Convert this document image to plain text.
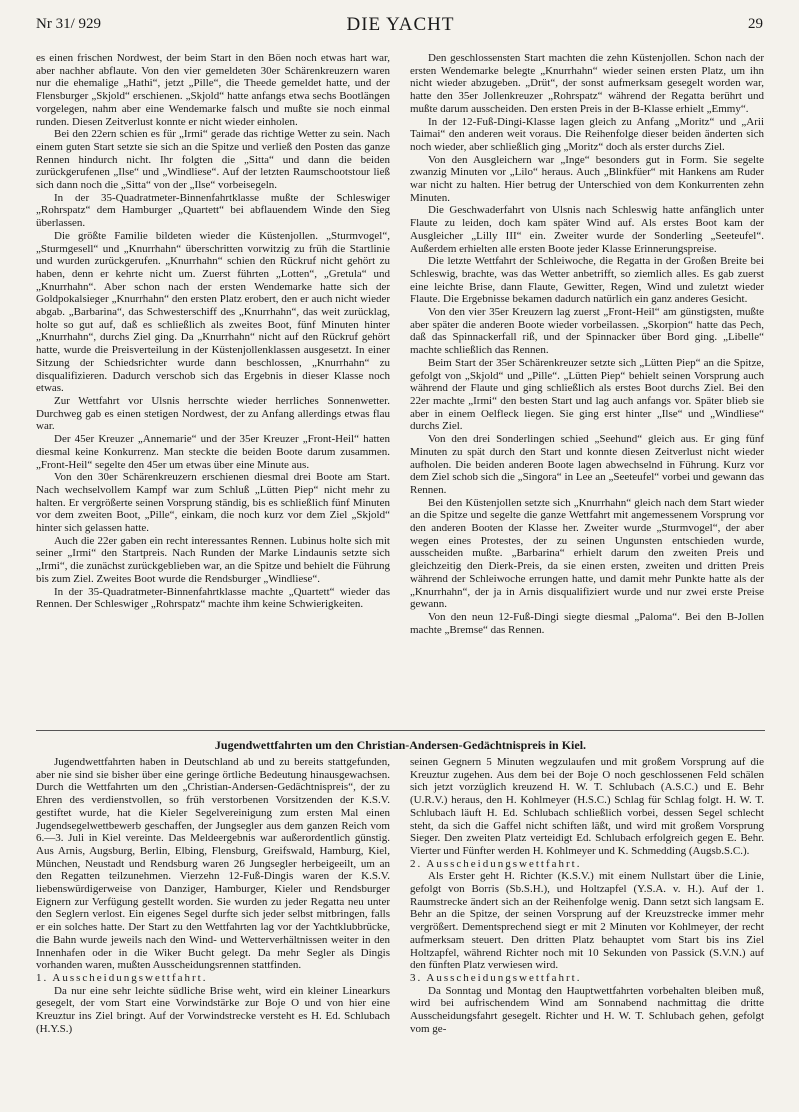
Nr 31/ 929	DIE YACHT	29

es einen frischen Nordwest, der beim Start in den Böen noch etwas hart war, aber nachher abflaute. Von den vier gemeldeten 30er Schärenkreuzern waren nur die ehemalige „Hathi“, jetzt „Pille“, die Theede gemeldet hatte, und der Flensburger „Skjold“ erschienen. „Skjold“ hatte anfangs etwa sechs Bootlängen vorgelegen, nahm aber eine Wendemarke falsch und mußte sie noch einmal runden. Diesen Zeitverlust konnte er nicht wieder einholen.

Bei den 22ern schien es für „Irmi“ gerade das richtige Wetter zu sein. Nach einem guten Start setzte sie sich an die Spitze und verließ den Posten das ganze Rennen hindurch nicht. Ihr folgten die „Sitta“ und dann die beiden zurückgerufenen „Ilse“ und „Windliese“. Auf der letzten Raumschootstour ließ sich dann noch die „Sitta“ von der „Ilse“ vorbeisegeln.

In der 35-Quadratmeter-Binnenfahrtklasse mußte der Schleswiger „Rohrspatz“ dem Hamburger „Quartett“ bei abflauendem Winde den Sieg überlassen.

Die größte Familie bildeten wieder die Küstenjollen. „Sturmvogel“, „Sturmgesell“ und „Knurrhahn“ überschritten vorwitzig zu früh die Startlinie und wurden zurückgerufen. „Knurrhahn“ schien den Rückruf nicht gehört zu haben, denn er kehrte nicht um. Zuerst führten „Lotten“, „Gretula“ und „Knurrhahn“. Aber schon nach der ersten Wendemarke hatte sich der Goldpokalsieger „Knurrhahn“ den ersten Platz erobert, den er auch nicht wieder abgab. „Barbarina“, das Schwesterschiff des „Knurrhahn“, das weit zurücklag, holte so gut auf, daß es schließlich als zweites Boot, fünf Minuten hinter „Knurrhahn“, durchs Ziel ging. Da „Knurrhahn“ nicht auf den Rückruf gehört hatte, wurde die Preisverteilung in der Küstenjollenklassen ausgesetzt. In einer Sitzung der Schiedsrichter wurde dann beschlossen, „Knurrhahn“ zu disqualifizieren. Dadurch verschob sich das Ergebnis in dieser Klasse noch etwas.

Zur Wettfahrt vor Ulsnis herrschte wieder herrliches Sonnenwetter. Durchweg gab es einen stetigen Nordwest, der zu Anfang allerdings etwas flau war.

Der 45er Kreuzer „Annemarie“ und der 35er Kreuzer „Front-Heil“ hatten diesmal keine Konkurrenz. Man steckte die beiden Boote darum zusammen. „Front-Heil“ segelte den 45er um etwas über eine Minute aus.

Von den 30er Schärenkreuzern erschienen diesmal drei Boote am Start. Nach wechselvollem Kampf war zum Schluß „Lütten Piep“ nicht mehr zu halten. Er vergrößerte seinen Vorsprung ständig, bis es schließlich fünf Minuten vor dem zweiten Boot, „Pille“, einkam, die noch kurz vor dem Ziel „Skjold“ hinter sich gelassen hatte.

Auch die 22er gaben ein recht interessantes Rennen. Lubinus holte sich mit seiner „Irmi“ den Startpreis. Nach Runden der Marke Lindaunis setzte sich „Irmi“, die zunächst zurückgeblieben war, an die Spitze und behielt die Führung bis zum Ziel. Zweites Boot wurde die Rendsburger „Windliese“.

In der 35-Quadratmeter-Binnenfahrtklasse machte „Quartett“ wieder das Rennen. Der Schleswiger „Rohrspatz“ machte ihm keine Schwierigkeiten.

Den geschlossensten Start machten die zehn Küstenjollen. Schon nach der ersten Wendemarke belegte „Knurrhahn“ wieder seinen ersten Platz, um ihn nicht wieder abzugeben. „Drüt“, der sonst aufmerksam gesegelt worden war, hatte den 35er Jollenkreuzer „Rohrspatz“ während der Regatta berührt und mußte darum ausscheiden. Den ersten Preis in der B-Klasse erhielt „Emmy“.

In der 12-Fuß-Dingi-Klasse lagen gleich zu Anfang „Moritz“ und „Arii Taimai“ den anderen weit voraus. Die Reihenfolge dieser beiden änderten sich noch wieder, aber schließlich ging „Moritz“ doch als erster durchs Ziel.

Von den Ausgleichern war „Inge“ besonders gut in Form. Sie segelte zwanzig Minuten vor „Lilo“ heraus. Auch „Blinkfüer“ mit Hankens am Ruder war nicht zu halten. Hier betrug der Unterschied von dem Konkurrenten zehn Minuten.

Die Geschwaderfahrt von Ulsnis nach Schleswig hatte anfänglich unter Flaute zu leiden, doch kam später Wind auf. Als erstes Boot kam der Ausgleicher „Lilly III“ ein. Zweiter wurde der Sonderling „Seeteufel“. Außerdem erhielten alle ersten Boote jeder Klasse Erinnerungspreise.

Die letzte Wettfahrt der Schleiwoche, die Regatta in der Großen Breite bei Schleswig, brachte, was das Wetter anbetrifft, so ziemlich alles. Es gab zuerst eine leichte Brise, dann Flaute, Gewitter, Regen, Wind und zuletzt wieder Flaute. Die Ergebnisse bekamen dadurch natürlich ein ganz anderes Gesicht.

Von den vier 35er Kreuzern lag zuerst „Front-Heil“ am günstigsten, mußte aber später die anderen Boote wieder vorbeilassen. „Skorpion“ hatte das Pech, daß das Spinnackerfall riß, und der Spinnacker über Bord ging. „Libelle“ machte schließlich das Rennen.

Beim Start der 35er Schärenkreuzer setzte sich „Lütten Piep“ an die Spitze, gefolgt von „Skjold“ und „Pille“. „Lütten Piep“ behielt seinen Vorsprung auch während der Flaute und ging schließlich als erstes Boot durchs Ziel. Bei den 22er machte „Irmi“ den besten Start und lag auch anfangs vor. Später blieb sie aber in einem Oelfleck liegen. Sie ging erst hinter „Ilse“ und „Windliese“ durchs Ziel.

Von den drei Sonderlingen schied „Seehund“ gleich aus. Er ging fünf Minuten zu spät durch den Start und konnte diesen Zeitverlust nicht wieder aufholen. Die beiden anderen Boote lagen abwechselnd in Führung. Kurz vor dem Ziel schob sich die „Singora“ in Lee an „Seeteufel“ vorbei und gewann das Rennen.

Bei den Küstenjollen setzte sich „Knurrhahn“ gleich nach dem Start wieder an die Spitze und segelte die ganze Wettfahrt mit angemessenem Vorsprung vor den anderen Booten der Klasse her. Zweiter wurde „Sturmvogel“, der aber wegen eines Protestes, der zu seinen Ungunsten entschieden wurde, ausscheiden mußte. „Barbarina“ erhielt darum den zweiten Preis und gleichzeitig den Dierk-Preis, da sie einen ersten, zweiten und dritten Preis während der Schleiwoche errungen hatte, und damit mehr Punkte hatte als der „Knurrhahn“, der ja in Arnis disqualifiziert wurde und nur zwei erste Preise gewann.

Von den neun 12-Fuß-Dingi siegte diesmal „Paloma“. Bei den B-Jollen machte „Bremse“ das Rennen.

Jugendwettfahrten um den Christian-Andersen-Gedächtnispreis in Kiel.

Jugendwettfahrten haben in Deutschland ab und zu bereits stattgefunden, aber nie sind sie bisher über eine geringe örtliche Bedeutung hinausgewachsen. Durch die Wettfahrten um den „Christian-Andersen-Gedächtnispreis“, der zu Ehren des verdienstvollen, so früh verstorbenen Vorsitzenden der K.S.V. gestiftet wurde, hat die Kieler Segelvereinigung zum ersten Mal einen Jugendsegelwettbewerb geschaffen, der Jungsegler aus dem ganzen Reich vom 6.—3. Juli in Kiel vereinte. Das Meldeergebnis war außerordentlich günstig. Aus Arnis, Augsburg, Berlin, Elbing, Flensburg, Greifswald, Hamburg, Kiel, München, Neustadt und Rendsburg waren 26 Jungsegler herbeigeeilt, um an den Regatten teilzunehmen. Vierzehn 12-Fuß-Dingis waren der K.S.V. liebenswürdigerweise von Danziger, Hamburger, Kieler und Rendsburger Eignern zur Verfügung gestellt worden. Sie wurden zu jeder Regatta neu unter den Seglern verlost. Ein eigenes Segel durfte sich jeder selbst mitbringen, falls er ein solches hatte. Der Start zu den Wettfahrten lag vor der Yachtklubbrücke, die Bahn wurde jeweils nach den Wind- und Wetterverhältnissen weiter in den Innenhafen oder in die Wiker Bucht gelegt. Da mehr Segler als Dingis vorhanden waren, mußten Ausscheidungsrennen stattfinden.

1. Ausscheidungswettfahrt.

Da nur eine sehr leichte südliche Brise weht, wird ein kleiner Linearkurs gesegelt, der vom Start eine Vorwindstärke zur Boje O und von hier eine Kreuztur ins Ziel bringt. Auf der Vorwindstrecke versteht es H. Ed. Schlubach (H.Y.S.)

seinen Gegnern 5 Minuten wegzulaufen und mit großem Vorsprung auf die Kreuztur zugehen. Aus dem bei der Boje O noch geschlossenen Feld schälen sich jetzt vorzüglich kreuzend H. W. T. Schlubach (A.S.C.) und E. Behr (U.R.V.) heraus, den H. Kohlmeyer (H.S.C.) Schlag für Schlag folgt. H. W. T. Schlubach läuft H. Ed. Schlubach schließlich vorbei, dessen Segel schlecht steht, da sich die Gaffel nicht schiften läßt, und wird mit großem Vorsprung Sieger. Den zweiten Platz verteidigt Ed. Schlubach erfolgreich gegen E. Behr. Vierter und Fünfter werden H. Kohlmeyer und K. Schmedding (Augsb.S.C.).

2. Ausscheidungswettfahrt.

Als Erster geht H. Richter (K.S.V.) mit einem Nullstart über die Linie, gefolgt von Borris (Sb.S.H.), und Holtzapfel (Y.S.A. v. H.). Auf der 1. Raumstrecke ändert sich an der Reihenfolge wenig. Dann setzt sich langsam E. Behr an die Spitze, der seinen Vorsprung auf der Kreuzstrecke immer mehr vergrößert. Dementsprechend siegt er mit 2 Minuten vor Kohlmeyer, der recht aufmerksam steuert. Den dritten Platz behauptet vom Start bis ins Ziel Holtzapfel, während Richter noch mit 10 Sekunden von Passick (S.V.N.) auf den fünften Platz verwiesen wird.

3. Ausscheidungswettfahrt.

Da Sonntag und Montag den Hauptwettfahrten vorbehalten bleiben muß, wird bei aufrischendem Wind am Sonnabend nachmittag die dritte Ausscheidungsfahrt gesegelt. Richter und H. W. T. Schlubach gehen, gefolgt vom ge-
